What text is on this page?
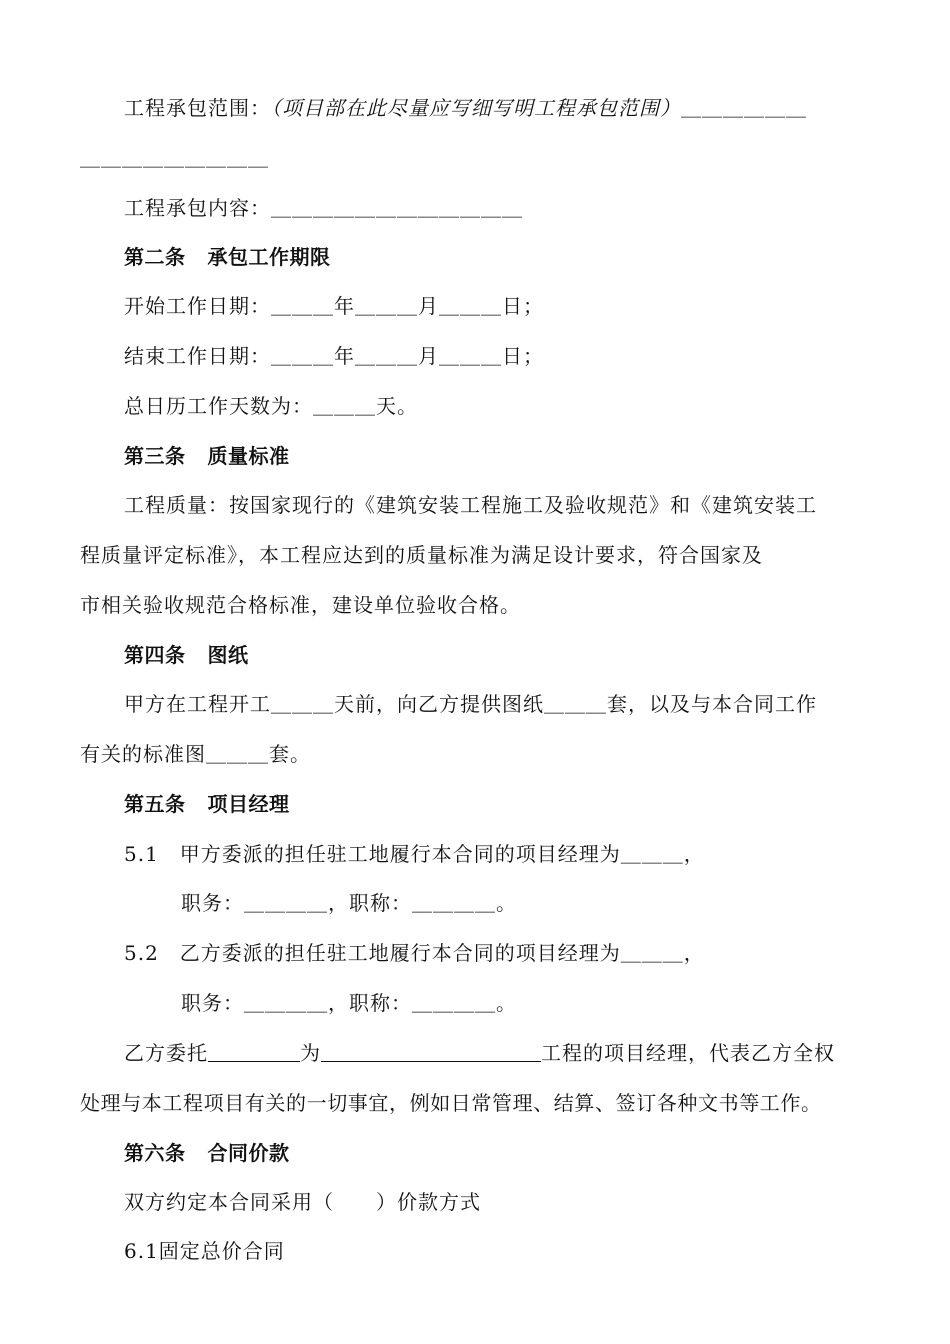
工程承包范围：（项目部在此尽量应写细写明工程承包范围）＿＿＿＿＿＿
＿＿＿＿＿＿＿＿＿
工程承包内容：＿＿＿＿＿＿＿＿＿＿＿＿
第二条 承包工作期限
开始工作日期：＿＿＿年＿＿＿月＿＿＿日；
结束工作日期：＿＿＿年＿＿＿月＿＿＿日；
总日历工作天数为：＿＿＿天。
第三条 质量标准
工程质量：按国家现行的《建筑安装工程施工及验收规范》和《建筑安装工
程质量评定标准》，本工程应达到的质量标准为满足设计要求，符合国家及
市相关验收规范合格标准，建设单位验收合格。
第四条 图纸
甲方在工程开工＿＿＿天前，向乙方提供图纸＿＿＿套，以及与本合同工作
有关的标准图＿＿＿套。
第五条 项目经理
5.1　甲方委派的担任驻工地履行本合同的项目经理为＿＿＿，
职务：＿＿＿＿，职称：＿＿＿＿。
5.2　乙方委派的担任驻工地履行本合同的项目经理为＿＿＿，
职务：＿＿＿＿，职称：＿＿＿＿。
乙方委托	为	工程的项目经理，代表乙方全权
处理与本工程项目有关的一切事宜，例如日常管理、结算、签订各种文书等工作。
第六条 合同价款
双方约定本合同采用（　　）价款方式
6.1固定总价合同
